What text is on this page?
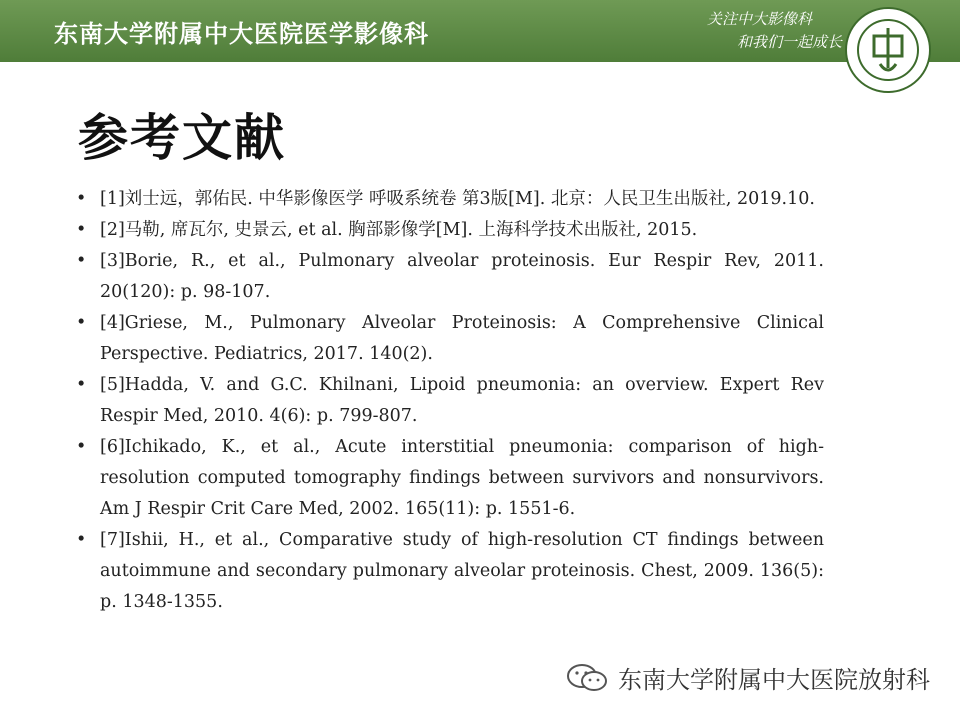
东南大学附属中大医院医学影像科
关注中大影像科
和我们一起成长
参考文献
• [1]刘士远，郭佑民. 中华影像医学 呼吸系统卷 第3版[M]. 北京：人民卫生出版社, 2019.10.
• [2]马勒, 席瓦尔, 史景云, et al. 胸部影像学[M]. 上海科学技术出版社, 2015.
• [3]Borie, R., et al., Pulmonary alveolar proteinosis. Eur Respir Rev, 2011. 20(120): p. 98-107.
• [4]Griese, M., Pulmonary Alveolar Proteinosis: A Comprehensive Clinical Perspective. Pediatrics, 2017. 140(2).
• [5]Hadda, V. and G.C. Khilnani, Lipoid pneumonia: an overview. Expert Rev Respir Med, 2010. 4(6): p. 799-807.
• [6]Ichikado, K., et al., Acute interstitial pneumonia: comparison of high-resolution computed tomography findings between survivors and nonsurvivors. Am J Respir Crit Care Med, 2002. 165(11): p. 1551-6.
• [7]Ishii, H., et al., Comparative study of high-resolution CT findings between autoimmune and secondary pulmonary alveolar proteinosis. Chest, 2009. 136(5): p. 1348-1355.
东南大学附属中大医院放射科
